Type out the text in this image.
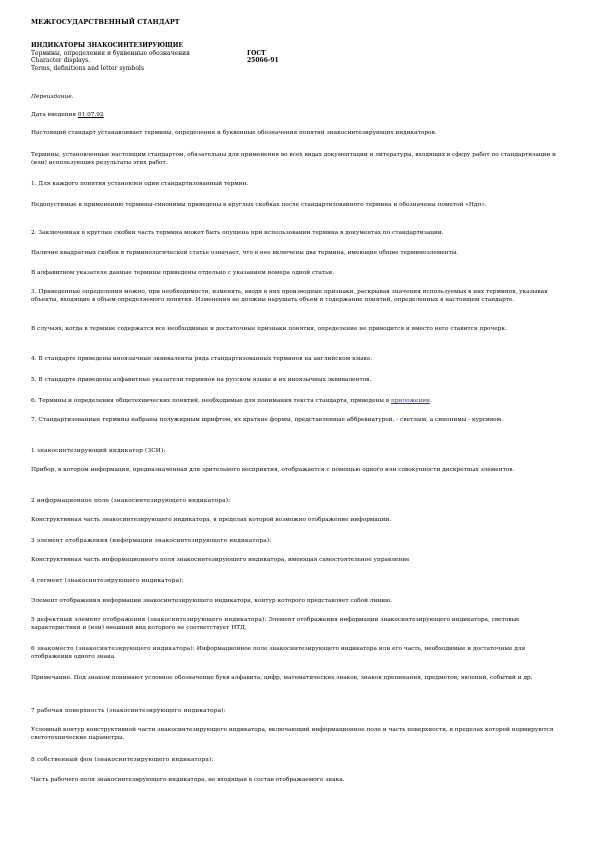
МЕЖГОСУДАРСТВЕННЫЙ СТАНДАРТ
ИНДИКАТОРЫ ЗНАКОСИНТЕЗИРУЮЩИЕ
Термины, определения и буквенные обозначения
Character displays.
Terms, definitions and letter symbols
ГОСТ
25066-91

Переиздание.

Дата введения 01.07.92

Настоящий стандарт устанавливает термины, определения и буквенные обозначения понятий знакосинтезирующих индикаторов.

Термины, установленные настоящим стандартом, обязательны для применения во всех видах документации и литературы, входящих в сферу работ по стандартизации и (или) использующих результаты этих работ.

1. Для каждого понятия установлен один стандартизованный термин.

Недопустимые к применению термины-синонимы приведены в круглых скобках после стандартизованного термина и обозначены пометой «Ндп».

2. Заключенная в круглые скобки часть термина может быть опущена при использовании термина в документах по стандартизации.

Наличие квадратных скобок в терминологической статье означает, что в нее включены два термина, имеющие общие терминоэлементы.

В алфавитном указателе данные термины приведены отдельно с указанием номера одной статьи.

3. Приведенные определения можно, при необходимости, изменять, вводя в них производные признаки, раскрывая значения используемых в них терминов, указывая объекты, входящие в объем определяемого понятия. Изменения не должны нарушать объем и содержание понятий, определенных в настоящем стандарте.

В случаях, когда в термине содержатся все необходимые и достаточные признаки понятия, определение не приводится и вместо него ставится прочерк.

4. В стандарте приведены иноязычные эквиваленты ряда стандартизованных терминов на английском языке.

5. В стандарте приведены алфавитные указатели терминов на русском языке и их иноязычных эквивалентов.

6. Термины и определения общетехнических понятий, необходимые для понимания текста стандарта, приведены в приложении.

7. Стандартизованные термины набраны полужирным шрифтом, их краткие формы, представленные аббревиатурой, - светлым, а синонимы - курсивом.

1 знакосинтезирующий индикатор (ЗСИ):

Прибор, в котором информация, предназначенная для зрительного восприятия, отображается с помощью одного или совокупности дискретных элементов.

2 информационное поле (знакосинтезирующего индикатора):

Конструктивная часть знакосинтезирующего индикатора, в пределах которой возможно отображение информации.

3 элемент отображения (информации знакосинтезирующего индикатора):

Конструктивная часть информационного поля знакосинтезирующего индикатора, имеющая самостоятельное управление

4 сегмент (знакосинтезирующего индикатора):

Элемент отображения информации знакосинтезирующего индикатора, контур которого представляет собой линию.

5 дефектный элемент отображения (знакосинтезирующего индикатора): Элемент отображения информации знакосинтезирующего индикатора, световые характеристики и (или) внешний вид которого не соответствует НТД.

6 знакоместо (знакосинтезирующего индикатора): Информационное поле знакосинтезирующего индикатора или его часть, необходимые и достаточные для отображения одного знака.

Примечание. Под знаком понимают условное обозначение букв алфавита, цифр, математических знаков, знаков препинания, предметов, явлений, событий и др.

7 рабочая поверхность (знакосинтезирующего индикатора):

Условный контур конструктивной части знакосинтезирующего индикатора, включающий информационное поле и часть поверхности, в пределах которой нормируются светотехнические параметры.

8 собственный фон (знакосинтезирующего индикатора):

Часть рабочего поля знакосинтезирующего индикатора, не входящая в состав отображаемого знака.
